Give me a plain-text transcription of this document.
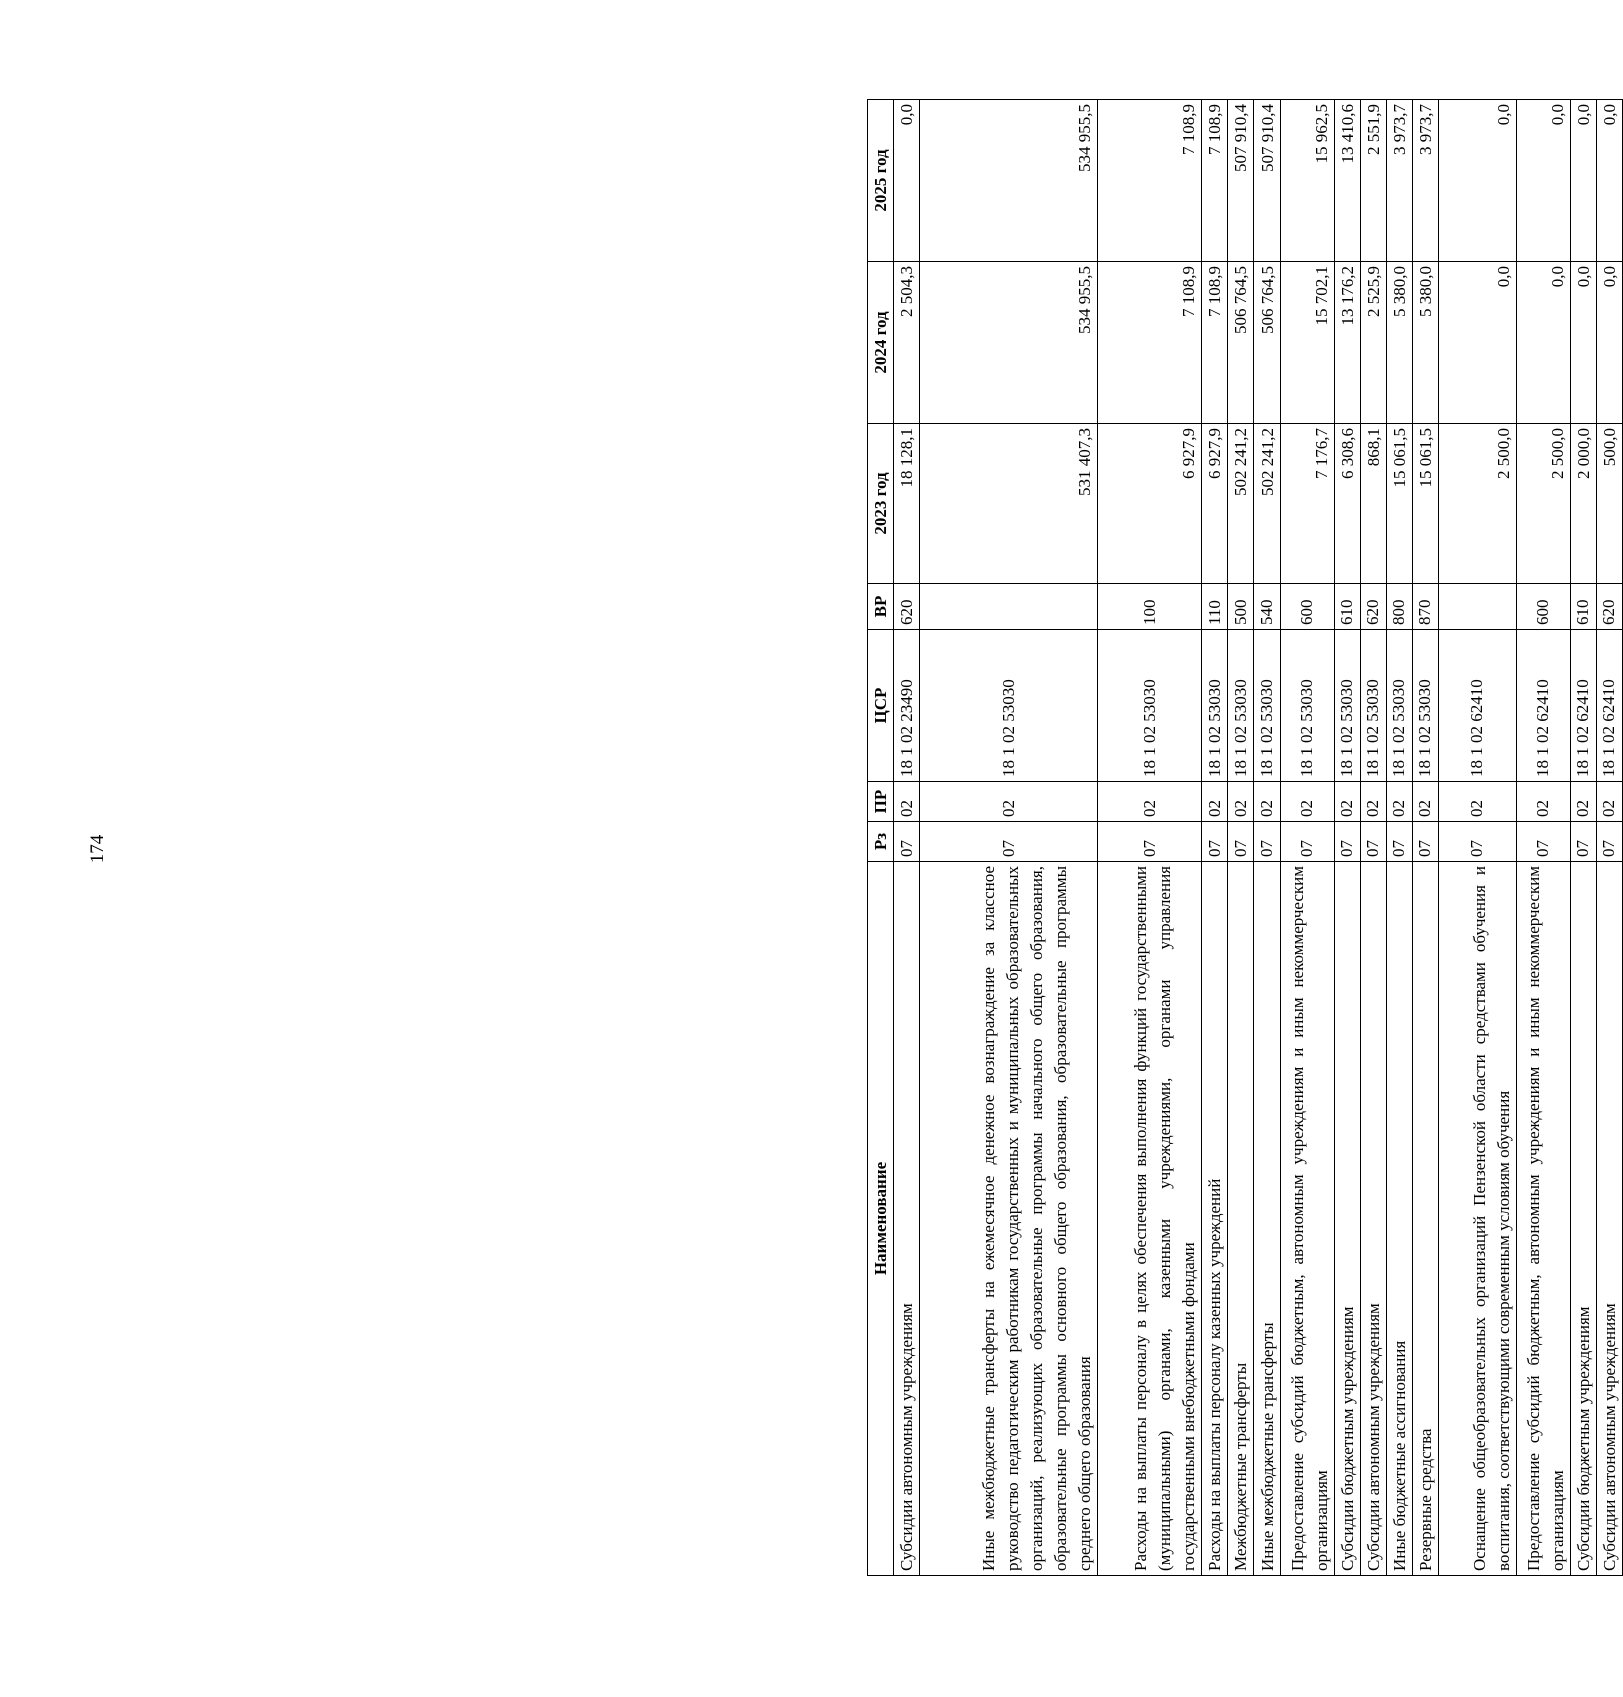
174
Наименование	Рз	ПР	ЦСР	ВР	2023 год	2024 год	2025 год
Субсидии автономным учреждениям	07	02	18 1 02 23490	620	18 128,1	2 504,3	0,0
Иные межбюджетные трансферты на ежемесячное денежное вознаграждение за классное руководство педагогическим работникам государственных и муниципальных образовательных организаций, реализующих образовательные программы начального общего образования, образовательные программы основного общего образования, образовательные программы среднего общего образования	07	02	18 1 02 53030		531 407,3	534 955,5	534 955,5
Расходы на выплаты персоналу в целях обеспечения выполнения функций государственными (муниципальными) органами, казенными учреждениями, органами управления государственными внебюджетными фондами	07	02	18 1 02 53030	100	6 927,9	7 108,9	7 108,9
Расходы на выплаты персоналу казенных учреждений	07	02	18 1 02 53030	110	6 927,9	7 108,9	7 108,9
Межбюджетные трансферты	07	02	18 1 02 53030	500	502 241,2	506 764,5	507 910,4
Иные межбюджетные трансферты	07	02	18 1 02 53030	540	502 241,2	506 764,5	507 910,4
Предоставление субсидий бюджетным, автономным учреждениям и иным некоммерческим организациям	07	02	18 1 02 53030	600	7 176,7	15 702,1	15 962,5
Субсидии бюджетным учреждениям	07	02	18 1 02 53030	610	6 308,6	13 176,2	13 410,6
Субсидии автономным учреждениям	07	02	18 1 02 53030	620	868,1	2 525,9	2 551,9
Иные бюджетные ассигнования	07	02	18 1 02 53030	800	15 061,5	5 380,0	3 973,7
Резервные средства	07	02	18 1 02 53030	870	15 061,5	5 380,0	3 973,7
Оснащение общеобразовательных организаций Пензенской области средствами обучения и воспитания, соответствующими современным условиям обучения	07	02	18 1 02 62410		2 500,0	0,0	0,0
Предоставление субсидий бюджетным, автономным учреждениям и иным некоммерческим организациям	07	02	18 1 02 62410	600	2 500,0	0,0	0,0
Субсидии бюджетным учреждениям	07	02	18 1 02 62410	610	2 000,0	0,0	0,0
Субсидии автономным учреждениям	07	02	18 1 02 62410	620	500,0	0,0	0,0
